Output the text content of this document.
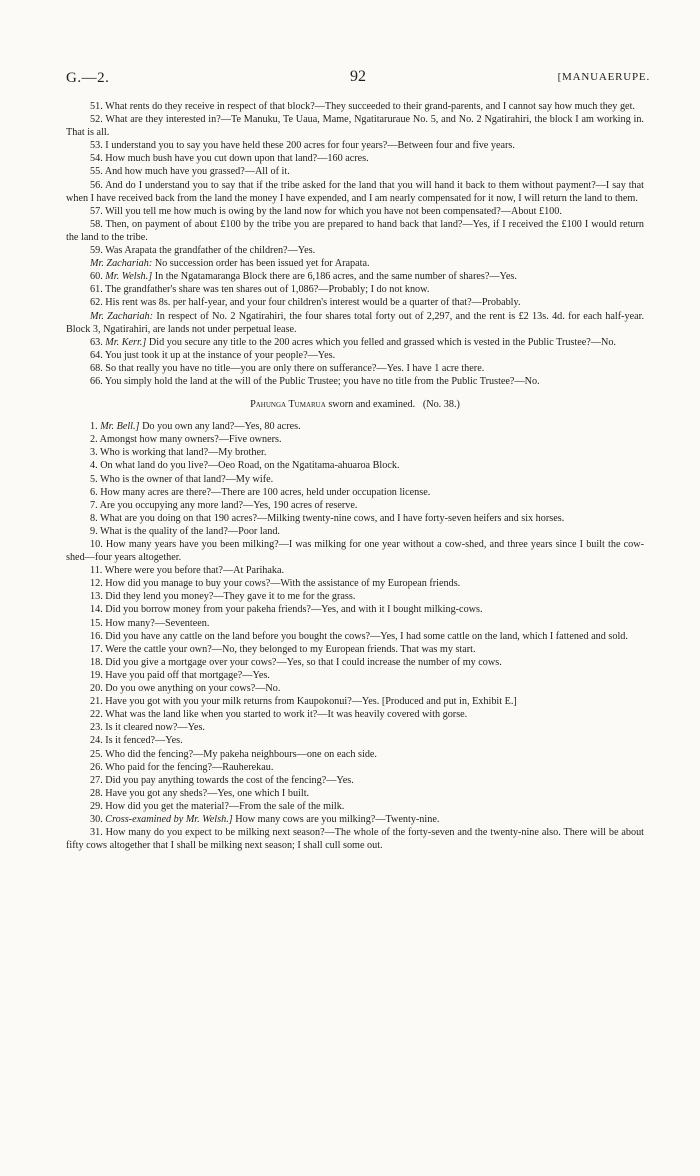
G.—2.	92	[MANUAERUPE.

51. What rents do they receive in respect of that block?—They succeeded to their grand-parents, and I cannot say how much they get.

52. What are they interested in?—Te Manuku, Te Uaua, Mame, Ngatitaruraue No. 5, and No. 2 Ngatirahiri, the block I am working in. That is all.

53. I understand you to say you have held these 200 acres for four years?—Between four and five years.

54. How much bush have you cut down upon that land?—160 acres.

55. And how much have you grassed?—All of it.

56. And do I understand you to say that if the tribe asked for the land that you will hand it back to them without payment?—I say that when I have received back from the land the money I have expended, and I am nearly compensated for it now, I will return the land to them.

57. Will you tell me how much is owing by the land now for which you have not been compensated?—About £100.

58. Then, on payment of about £100 by the tribe you are prepared to hand back that land?—Yes, if I received the £100 I would return the land to the tribe.

59. Was Arapata the grandfather of the children?—Yes.

Mr. Zachariah: No succession order has been issued yet for Arapata.

60. Mr. Welsh.] In the Ngatamaranga Block there are 6,186 acres, and the same number of shares?—Yes.

61. The grandfather's share was ten shares out of 1,086?—Probably; I do not know.

62. His rent was 8s. per half-year, and your four children's interest would be a quarter of that?—Probably.

Mr. Zachariah: In respect of No. 2 Ngatirahiri, the four shares total forty out of 2,297, and the rent is £2 13s. 4d. for each half-year. Block 3, Ngatirahiri, are lands not under perpetual lease.

63. Mr. Kerr.] Did you secure any title to the 200 acres which you felled and grassed which is vested in the Public Trustee?—No.

64. You just took it up at the instance of your people?—Yes.

68. So that really you have no title—you are only there on sufferance?—Yes. I have 1 acre there.

66. You simply hold the land at the will of the Public Trustee; you have no title from the Public Trustee?—No.

Pahunga Tumarua sworn and examined. (No. 38.)

1. Mr. Bell.] Do you own any land?—Yes, 80 acres.

2. Amongst how many owners?—Five owners.

3. Who is working that land?—My brother.

4. On what land do you live?—Oeo Road, on the Ngatitama-ahuaroa Block.

5. Who is the owner of that land?—My wife.

6. How many acres are there?—There are 100 acres, held under occupation license.

7. Are you occupying any more land?—Yes, 190 acres of reserve.

8. What are you doing on that 190 acres?—Milking twenty-nine cows, and I have forty-seven heifers and six horses.

9. What is the quality of the land?—Poor land.

10. How many years have you been milking?—I was milking for one year without a cow-shed, and three years since I built the cow-shed—four years altogether.

11. Where were you before that?—At Parihaka.

12. How did you manage to buy your cows?—With the assistance of my European friends.

13. Did they lend you money?—They gave it to me for the grass.

14. Did you borrow money from your pakeha friends?—Yes, and with it I bought milking-cows.

15. How many?—Seventeen.

16. Did you have any cattle on the land before you bought the cows?—Yes, I had some cattle on the land, which I fattened and sold.

17. Were the cattle your own?—No, they belonged to my European friends. That was my start.

18. Did you give a mortgage over your cows?—Yes, so that I could increase the number of my cows.

19. Have you paid off that mortgage?—Yes.

20. Do you owe anything on your cows?—No.

21. Have you got with you your milk returns from Kaupokonui?—Yes. [Produced and put in, Exhibit E.]

22. What was the land like when you started to work it?—It was heavily covered with gorse.

23. Is it cleared now?—Yes.

24. Is it fenced?—Yes.

25. Who did the fencing?—My pakeha neighbours—one on each side.

26. Who paid for the fencing?—Rauherekau.

27. Did you pay anything towards the cost of the fencing?—Yes.

28. Have you got any sheds?—Yes, one which I built.

29. How did you get the material?—From the sale of the milk.

30. Cross-examined by Mr. Welsh.] How many cows are you milking?—Twenty-nine.

31. How many do you expect to be milking next season?—The whole of the forty-seven and the twenty-nine also. There will be about fifty cows altogether that I shall be milking next season; I shall cull some out.
